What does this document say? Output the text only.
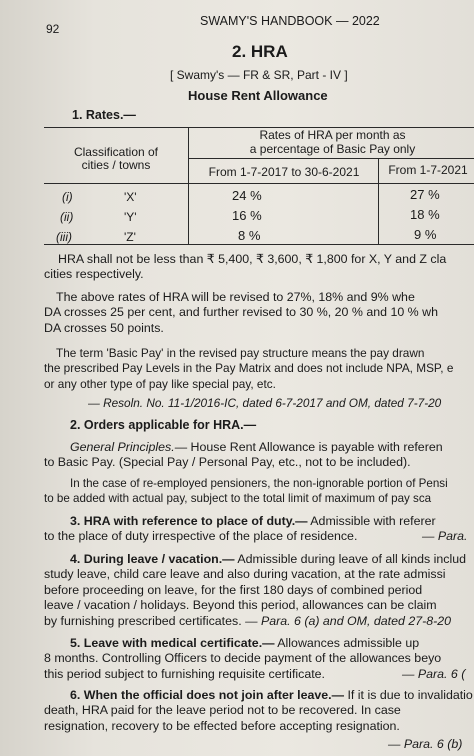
92
SWAMY'S HANDBOOK — 2022
2. HRA
[ Swamy's — FR & SR, Part - IV ]
House Rent Allowance
1. Rates.—
Classification of
cities / towns
Rates of HRA per month as
a percentage of Basic Pay only
From 1-7-2017 to 30-6-2021	From 1-7-2021
(i)	'X'	24 %	27 %
(ii)	'Y'	16 %	18 %
(iii)	'Z'	8 %	9 %
HRA shall not be less than ₹ 5,400, ₹ 3,600, ₹ 1,800 for X, Y and Z cla
cities respectively.
The above rates of HRA will be revised to 27%, 18% and 9% whe
DA crosses 25 per cent, and further revised to 30 %, 20 % and 10 % wh
DA crosses 50 points.
The term 'Basic Pay' in the revised pay structure means the pay drawn
the prescribed Pay Levels in the Pay Matrix and does not include NPA, MSP, e
or any other type of pay like special pay, etc.
— Resoln. No. 11-1/2016-IC, dated 6-7-2017 and OM, dated 7-7-20
2. Orders applicable for HRA.—
General Principles.— House Rent Allowance is payable with referen
to Basic Pay. (Special Pay / Personal Pay, etc., not to be included).
In the case of re-employed pensioners, the non-ignorable portion of Pensi
to be added with actual pay, subject to the total limit of maximum of pay sca
3. HRA with reference to place of duty.— Admissible with referer
to the place of duty irrespective of the place of residence.	— Para.
4. During leave / vacation.— Admissible during leave of all kinds includ
study leave, child care leave and also during vacation, at the rate admissi
before proceeding on leave, for the first 180 days of combined period
leave / vacation / holidays. Beyond this period, allowances can be claim
by furnishing prescribed certificates. — Para. 6 (a) and OM, dated 27-8-20
5. Leave with medical certificate.— Allowances admissible up
8 months. Controlling Officers to decide payment of the allowances beyo
this period subject to furnishing requisite certificate.	— Para. 6 (
6. When the official does not join after leave.— If it is due to invalidatio
death, HRA paid for the leave period not to be recovered. In case
resignation, recovery to be effected before accepting resignation.
— Para. 6 (b)
